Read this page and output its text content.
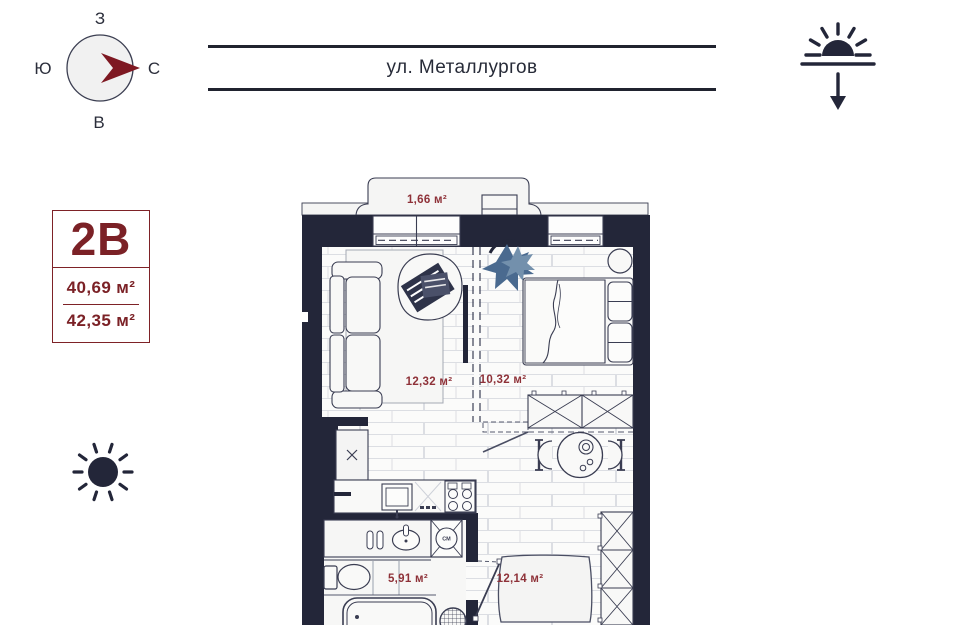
З
Ю	С
В
ул. Металлургов
2В
40,69 м²
42,35 м²
СМ
1,66 м²
12,32 м² 10,32 м²
5,91 м²	12,14 м²
